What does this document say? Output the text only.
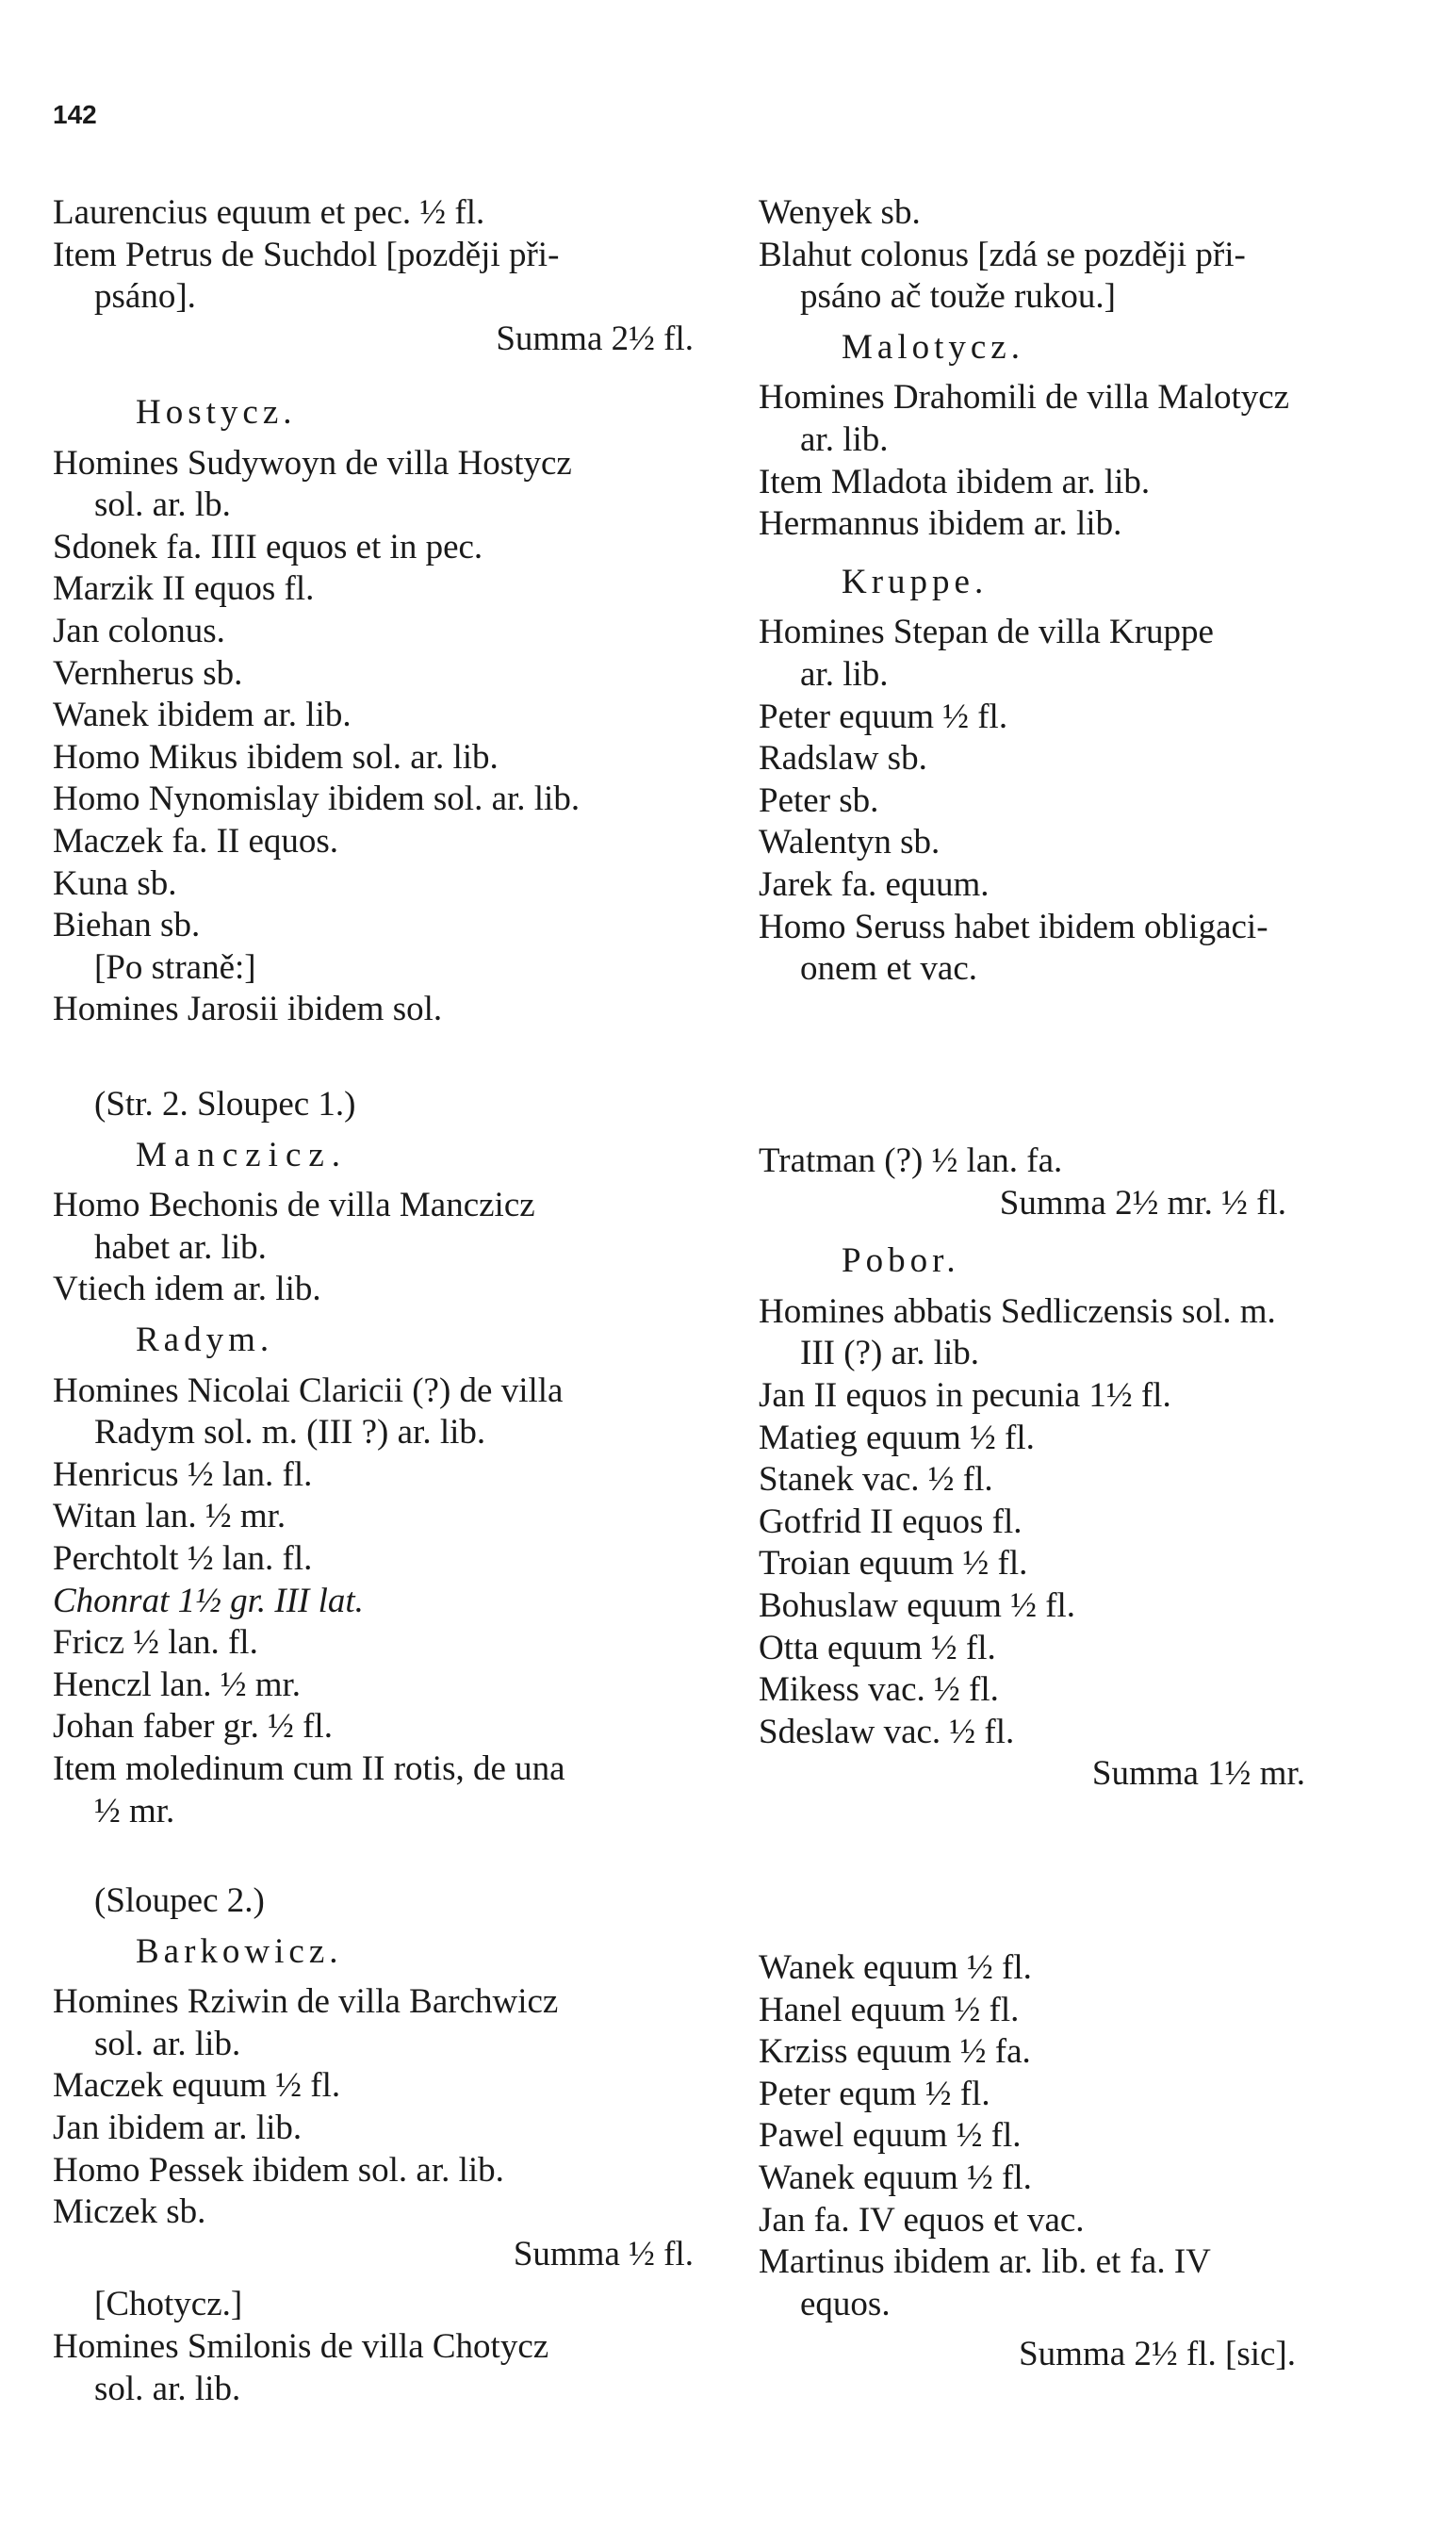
142
Laurencius equum et pec. ½ fl.
Item Petrus de Suchdol [později při-
psáno].
Summa 2½ fl.
Hostycz.
Homines Sudywoyn de villa Hostycz
sol. ar. lb.
Sdonek fa. IIII equos et in pec.
Marzik II equos fl.
Jan colonus.
Vernherus sb.
Wanek ibidem ar. lib.
Homo Mikus ibidem sol. ar. lib.
Homo Nynomislay ibidem sol. ar. lib.
Maczek fa. II equos.
Kuna sb.
Biehan sb.
[Po straně:]
Homines Jarosii ibidem sol.
(Str. 2. Sloupec 1.)
Manczicz.
Homo Bechonis de villa Manczicz
habet ar. lib.
Vtiech idem ar. lib.
Radym.
Homines Nicolai Claricii (?) de villa
Radym sol. m. (III ?) ar. lib.
Henricus ½ lan. fl.
Witan lan. ½ mr.
Perchtolt ½ lan. fl.
Chonrat 1½ gr. III lat.
Fricz ½ lan. fl.
Henczl lan. ½ mr.
Johan faber gr. ½ fl.
Item moledinum cum II rotis, de una
½ mr.
(Sloupec 2.)
Barkowicz.
Homines Rziwin de villa Barchwicz
sol. ar. lib.
Maczek equum ½ fl.
Jan ibidem ar. lib.
Homo Pessek ibidem sol. ar. lib.
Miczek sb.
Summa ½ fl.
[Chotycz.]
Homines Smilonis de villa Chotycz
sol. ar. lib.
Wenyek sb.
Blahut colonus [zdá se později při-
psáno ač touže rukou.]
Malotycz.
Homines Drahomili de villa Malotycz
ar. lib.
Item Mladota ibidem ar. lib.
Hermannus ibidem ar. lib.
Kruppe.
Homines Stepan de villa Kruppe
ar. lib.
Peter equum ½ fl.
Radslaw sb.
Peter sb.
Walentyn sb.
Jarek fa. equum.
Homo Seruss habet ibidem obligaci-
onem et vac.
Tratman (?) ½ lan. fa.
Summa 2½ mr. ½ fl.
Pobor.
Homines abbatis Sedliczensis sol. m.
III (?) ar. lib.
Jan II equos in pecunia 1½ fl.
Matieg equum ½ fl.
Stanek vac. ½ fl.
Gotfrid II equos fl.
Troian equum ½ fl.
Bohuslaw equum ½ fl.
Otta equum ½ fl.
Mikess vac. ½ fl.
Sdeslaw vac. ½ fl.
Summa 1½ mr.
Wanek equum ½ fl.
Hanel equum ½ fl.
Krziss equum ½ fa.
Peter equm ½ fl.
Pawel equum ½ fl.
Wanek equum ½ fl.
Jan fa. IV equos et vac.
Martinus ibidem ar. lib. et fa. IV
equos.
Summa 2½ fl. [sic].
